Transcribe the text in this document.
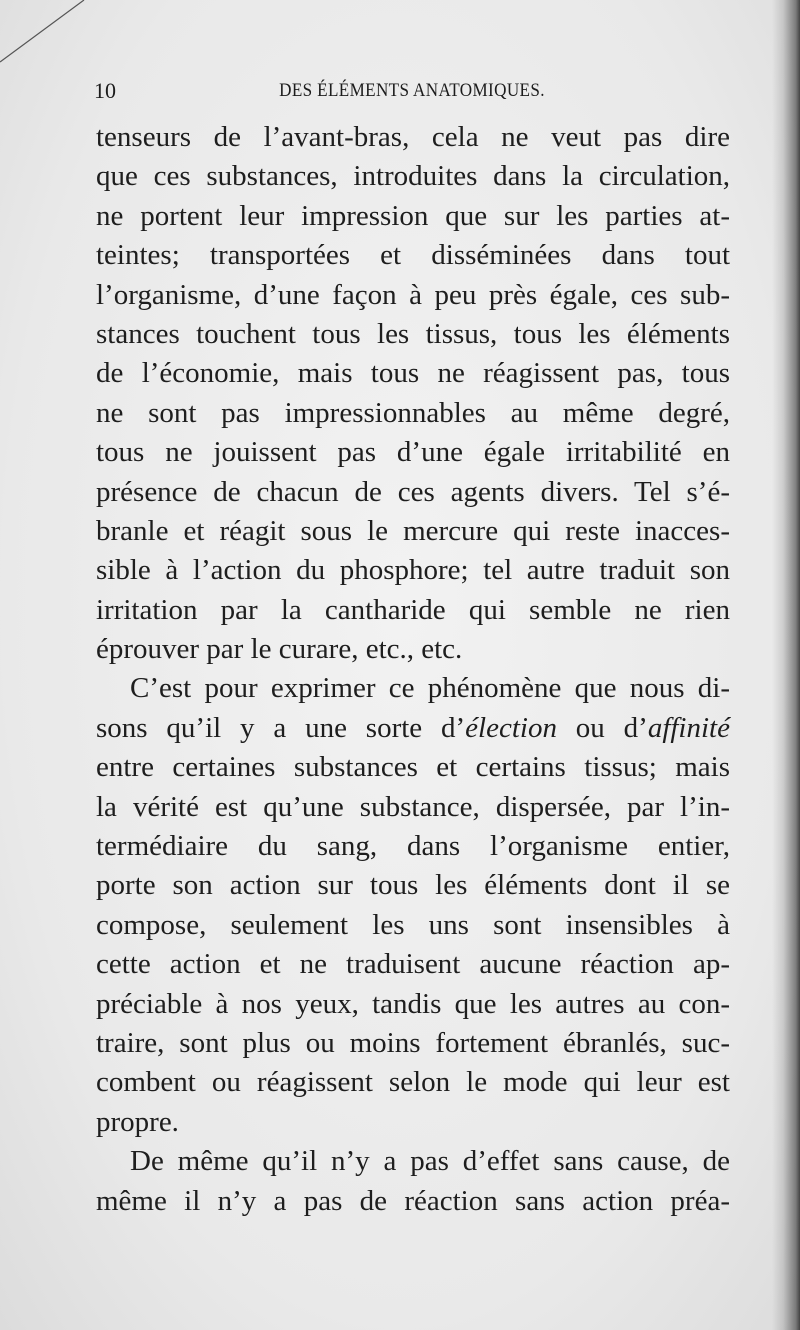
10	DES ÉLÉMENTS ANATOMIQUES.
tenseurs de l’avant-bras, cela ne veut pas dire
que ces substances, introduites dans la circulation,
ne portent leur impression que sur les parties at-
teintes; transportées et disséminées dans tout
l’organisme, d’une façon à peu près égale, ces sub-
stances touchent tous les tissus, tous les éléments
de l’économie, mais tous ne réagissent pas, tous
ne sont pas impressionnables au même degré,
tous ne jouissent pas d’une égale irritabilité en
présence de chacun de ces agents divers. Tel s’é-
branle et réagit sous le mercure qui reste inacces-
sible à l’action du phosphore; tel autre traduit son
irritation par la cantharide qui semble ne rien
éprouver par le curare, etc., etc.
C’est pour exprimer ce phénomène que nous di-
sons qu’il y a une sorte d’élection ou d’affinité
entre certaines substances et certains tissus; mais
la vérité est qu’une substance, dispersée, par l’in-
termédiaire du sang, dans l’organisme entier,
porte son action sur tous les éléments dont il se
compose, seulement les uns sont insensibles à
cette action et ne traduisent aucune réaction ap-
préciable à nos yeux, tandis que les autres au con-
traire, sont plus ou moins fortement ébranlés, suc-
combent ou réagissent selon le mode qui leur est
propre.
De même qu’il n’y a pas d’effet sans cause, de
même il n’y a pas de réaction sans action préa-
